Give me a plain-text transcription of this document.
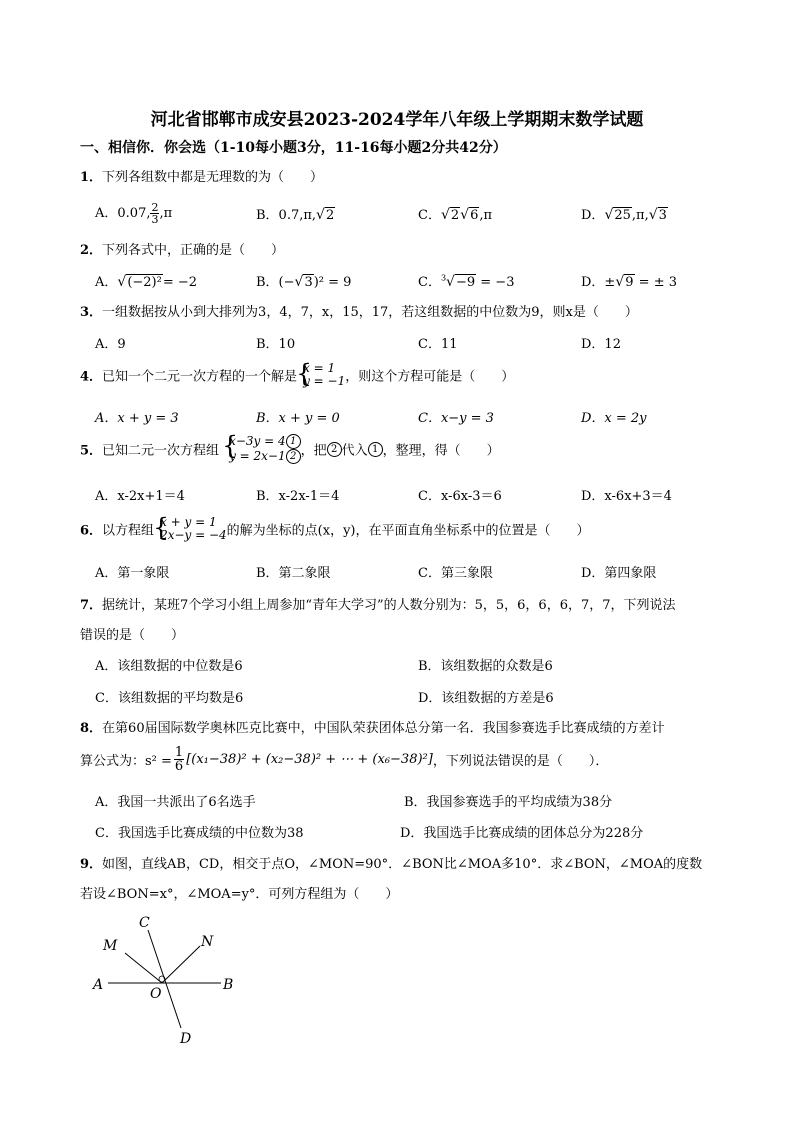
河北省邯郸市成安县2023-2024学年八年级上学期期末数学试题
一、相信你．你会选（1-10每小题3分，11-16每小题2分共42分）
1．下列各组数中都是无理数的为（　　）
A．0.07, $\frac{2}{3} ,\pi$	B．0.7,π,√2	C．√2√6,π	D．√25,π,√3
2．下列各式中，正确的是（　　）
A．√(−2)²= −2	B．(−√3)² = 9	C．$^3$√−9 = −3	D．±√9 = ± 3
3．一组数据按从小到大排列为3，4，7，x，15，17，若这组数据的中位数为9，则x是（　　）
A．9	B．10	C．11	D．12
4．已知一个二元一次方程的一个解是 {
x = 1
y = −1 ，则这个方程可能是（　　）
A．x + y = 3	B．x + y = 0	C．x−y = 3	D．x = 2y
5．已知二元一次方程组 {
x−3y = 4 1
y = 2x−1 2 ，把 2 代入 1 ，整理，得（　　）
A．x-2x+1＝4	B．x-2x-1＝4	C．x-6x-3＝6	D．x-6x+3＝4
6．以方程组 {
x + y = 1
2x−y = −4 的解为坐标的点(x，y)，在平面直角坐标系中的位置是（　　）
A．第一象限	B．第二象限	C．第三象限	D．第四象限
7．据统计，某班7个学习小组上周参加“青年大学习”的人数分别为：5，5，6，6，6，7，7，下列说法
错误的是（　　）
A．该组数据的中位数是6	B．该组数据的众数是6
C．该组数据的平均数是6	D．该组数据的方差是6
8．在第60届国际数学奥林匹克比赛中，中国队荣获团体总分第一名．我国参赛选手比赛成绩的方差计
算公式为：$s^2 = \frac{1}{6} [(x_1-38)^2 + (x_2-38)^2$ + ⋯ + (x₆−38)²]，下列说法错误的是（　　）．
A．我国一共派出了6名选手	B．我国参赛选手的平均成绩为38分
C．我国选手比赛成绩的中位数为38	D．我国选手比赛成绩的团体总分为228分
9．如图，直线AB，CD，相交于点O，∠MON=90°．∠BON比∠MOA多10°．求∠BON，∠MOA的度数
若设∠BON=x°，∠MOA=y°．可列方程组为（　　）
C
M	N
A
O
B
D
